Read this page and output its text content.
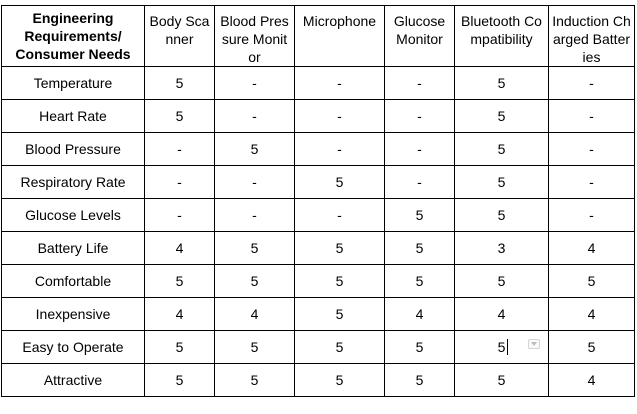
Engineering Requirements/ Consumer Needs	Body Scanner	Blood Pressure Monitor	Microphone	Glucose Monitor	Bluetooth Compatibility	Induction Charged Batteries
Temperature	5	-	-	-	5	-
Heart Rate	5	-	-	-	5	-
Blood Pressure	-	5	-	-	5	-
Respiratory Rate	-	-	5	-	5	-
Glucose Levels	-	-	-	5	5	-
Battery Life	4	5	5	5	3	4
Comfortable	5	5	5	5	5	5
Inexpensive	4	4	5	4	4	4
Easy to Operate	5	5	5	5	5	5
Attractive	5	5	5	5	5	4
